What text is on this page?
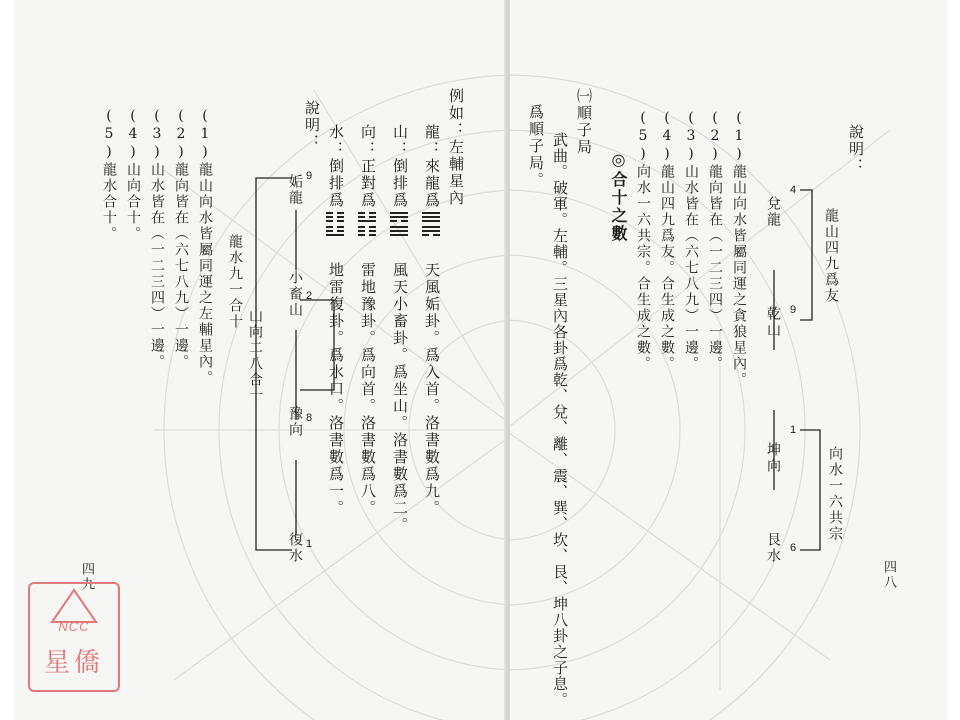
例如：左輔星內
龍：來龍爲
天風姤卦。爲入首。洛書數爲九。
山：倒排爲
風天小畜卦。爲坐山。洛書數爲二。
向：正對爲
雷地豫卦。爲向首。洛書數爲八。
水：倒排爲
地雷復卦。爲水口。洛書數爲一。
說明：
9
姤龍
2
小畜山
8
豫向
1
復水
山向二八合十
龍水九一合十
(1)龍山向水皆屬同運之左輔星內。
(2)龍向皆在（六七八九）一邊。
(3)山水皆在（一二三四）一邊。
(4)山向合十。
(5)龍水合十。
四九
說明：
4
兌龍
9
乾山
1
坤向
6
艮水
龍山四九爲友
向水一六共宗
(1)龍山向水皆屬同運之貪狼星內。
(2)龍向皆在（一二三四）一邊。
(3)山水皆在（六七八九）一邊。
(4)龍山四九爲友。合生成之數。
(5)向水一六共宗。合生成之數。
◎合十之數
㈠順子局
武曲。破軍。左輔。三星內各卦爲乾、兌、離、震、巽、坎、艮、坤八卦之子息。
爲順子局。
四八
NCC
星僑
